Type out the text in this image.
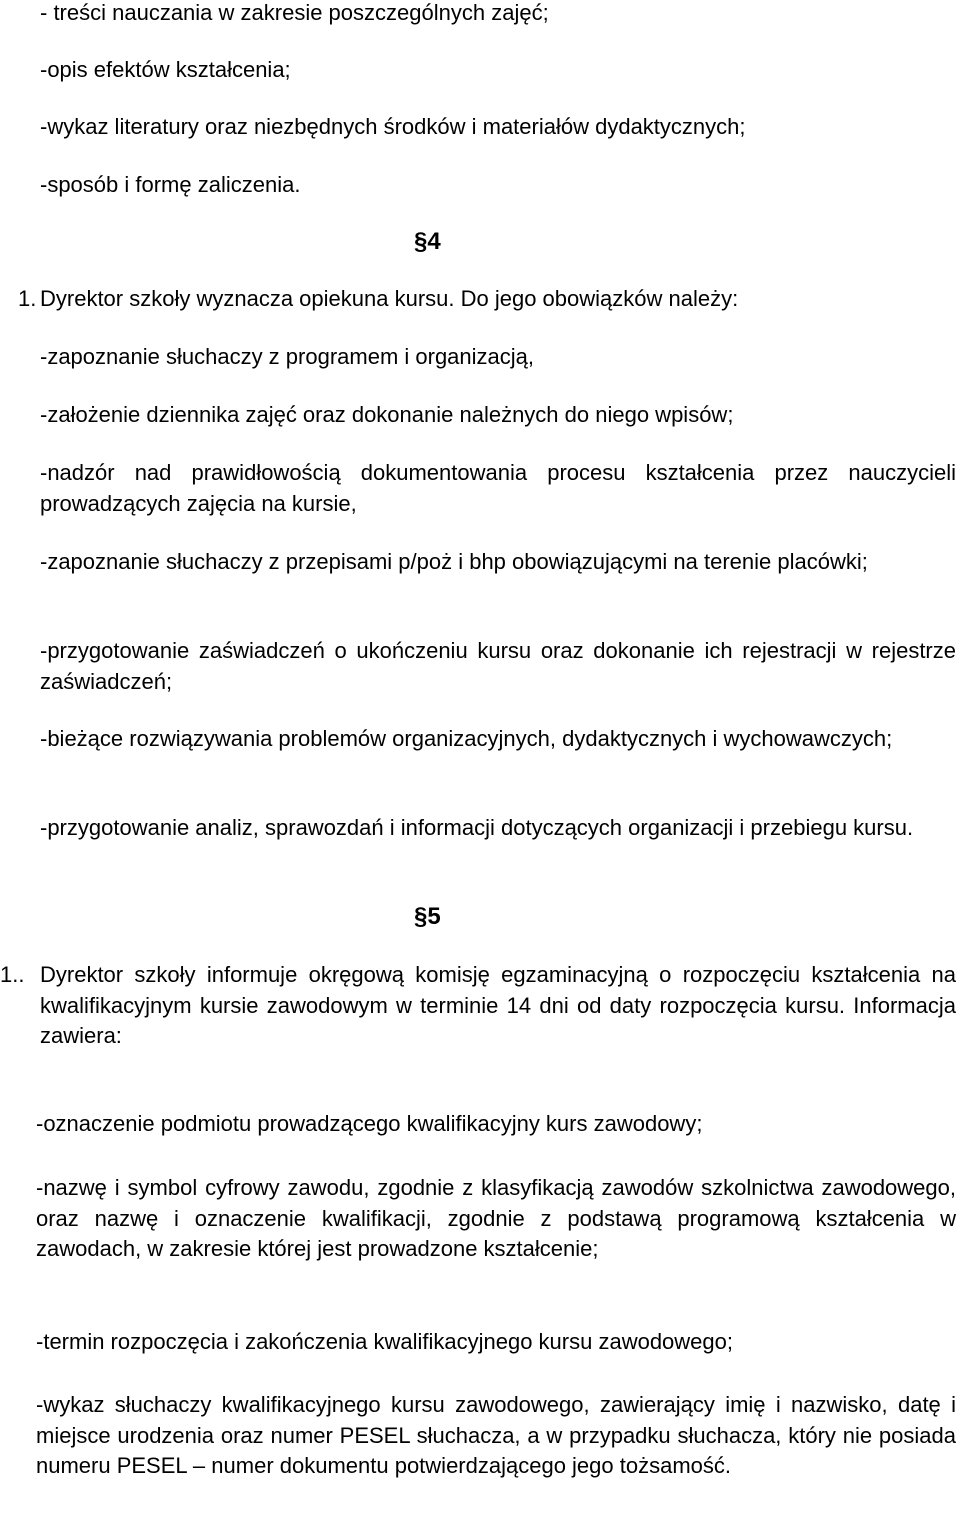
- treści nauczania w zakresie poszczególnych zajęć;

-opis efektów kształcenia;

-wykaz literatury oraz niezbędnych środków i materiałów dydaktycznych;

-sposób i formę zaliczenia.

§4

1. Dyrektor szkoły wyznacza opiekuna kursu. Do jego obowiązków należy:

-zapoznanie słuchaczy z programem i organizacją,

-założenie dziennika zajęć oraz dokonanie należnych do niego wpisów;

-nadzór nad prawidłowością dokumentowania procesu kształcenia przez nauczycieli prowadzących zajęcia na kursie,

-zapoznanie słuchaczy z przepisami p/poż i bhp obowiązującymi na terenie placówki;

-przygotowanie zaświadczeń o ukończeniu kursu oraz dokonanie ich rejestracji w rejestrze zaświadczeń;

-bieżące rozwiązywania problemów organizacyjnych, dydaktycznych i wychowawczych;

-przygotowanie analiz, sprawozdań i informacji dotyczących organizacji i przebiegu kursu.

§5

1.. Dyrektor szkoły informuje okręgową komisję egzaminacyjną o rozpoczęciu kształcenia na kwalifikacyjnym kursie zawodowym w terminie 14 dni od daty rozpoczęcia kursu. Informacja zawiera:

-oznaczenie podmiotu prowadzącego kwalifikacyjny kurs zawodowy;

-nazwę i symbol cyfrowy zawodu, zgodnie z klasyfikacją zawodów szkolnictwa zawodowego, oraz nazwę i oznaczenie kwalifikacji, zgodnie z podstawą programową kształcenia w zawodach, w zakresie której jest prowadzone kształcenie;

-termin rozpoczęcia i zakończenia kwalifikacyjnego kursu zawodowego;

-wykaz słuchaczy kwalifikacyjnego kursu zawodowego, zawierający imię i nazwisko, datę i miejsce urodzenia oraz numer PESEL słuchacza, a w przypadku słuchacza, który nie posiada numeru PESEL – numer dokumentu potwierdzającego jego tożsamość.
